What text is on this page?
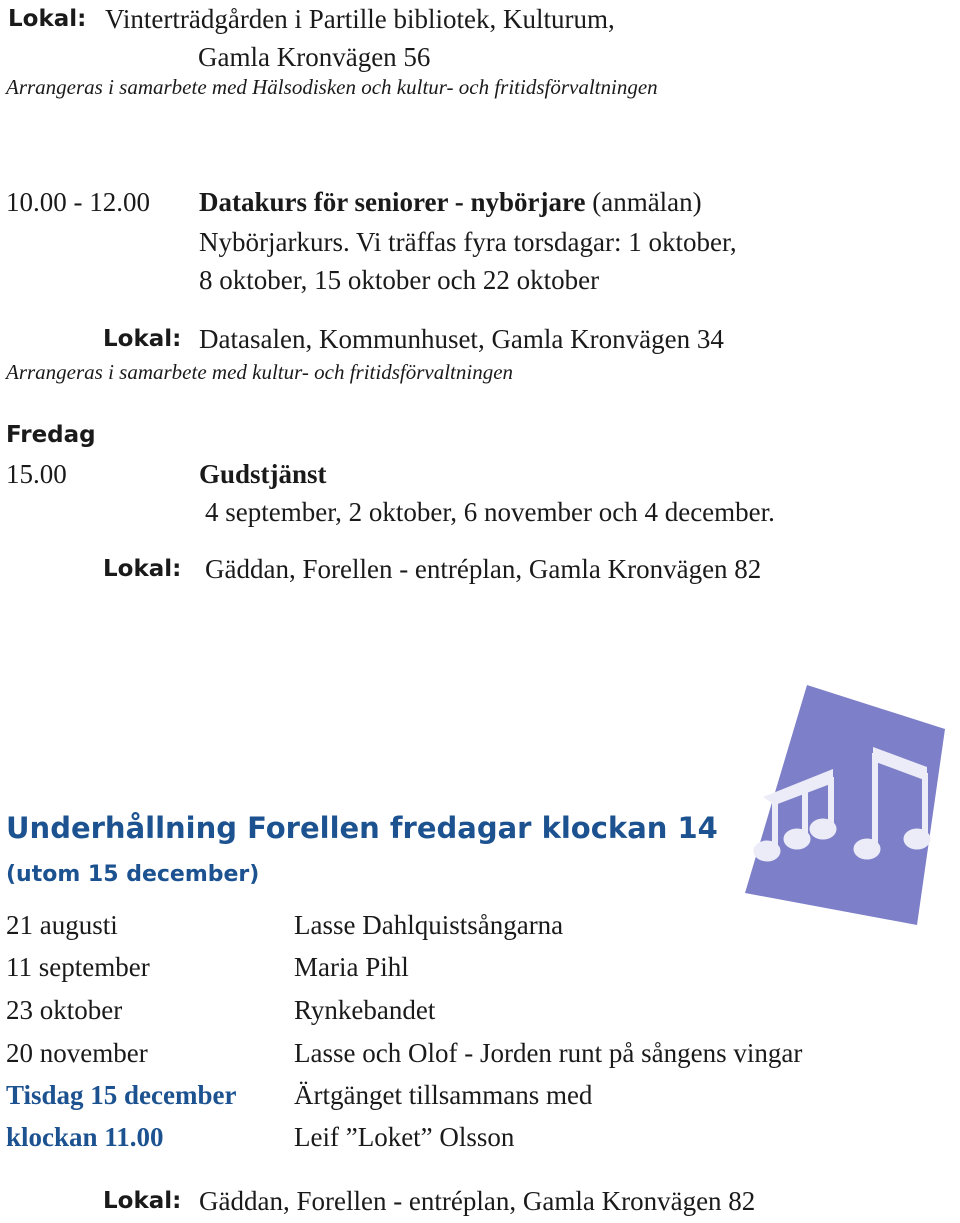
Lokal: Vinterträdgården i Partille bibliotek, Kulturum,
Gamla Kronvägen 56
Arrangeras i samarbete med Hälsodisken och kultur- och fritidsförvaltningen
10.00 - 12.00 Datakurs för seniorer - nybörjare (anmälan)
Nybörjarkurs. Vi träffas fyra torsdagar: 1 oktober,
8 oktober, 15 oktober och 22 oktober
Lokal: Datasalen, Kommunhuset, Gamla Kronvägen 34
Arrangeras i samarbete med kultur- och fritidsförvaltningen
Fredag
15.00	Gudstjänst
4 september, 2 oktober, 6 november och 4 december.
Lokal: Gäddan, Forellen - entréplan, Gamla Kronvägen 82
Underhållning Forellen fredagar klockan 14
(utom 15 december)
21 augusti	Lasse Dahlquistsångarna
11 september	Maria Pihl
23 oktober	Rynkebandet
20 november	Lasse och Olof - Jorden runt på sångens vingar
Tisdag 15 december Ärtgänget tillsammans med
klockan 11.00	Leif ”Loket” Olsson
Lokal: Gäddan, Forellen - entréplan, Gamla Kronvägen 82
